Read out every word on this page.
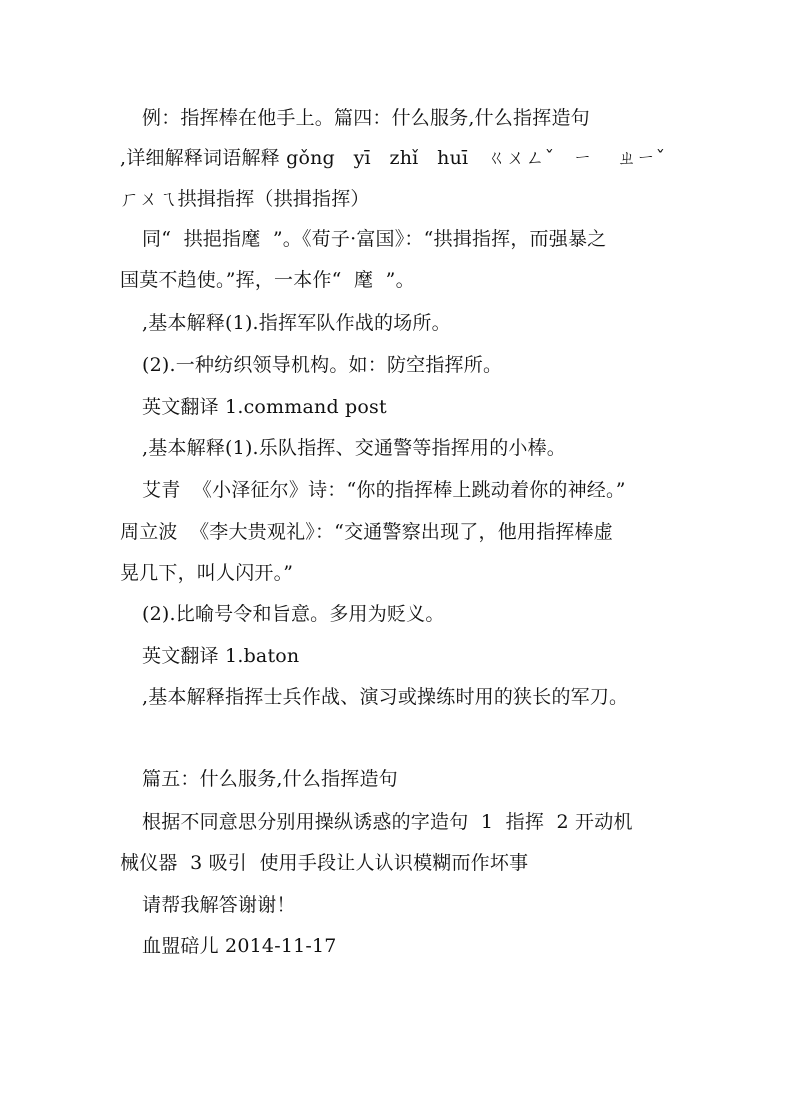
例：指挥棒在他手上。篇四：什么服务,什么指挥造句
,详细解释词语解释 gǒng   yī   zhǐ   huī   ㄍㄨㄥˇ   ㄧ    ㄓㄧˇ
ㄏㄨㄟ拱揖指挥（拱揖指挥）
同“  拱挹指麾  ”。《荀子·富国》：“拱揖指挥，而强暴之
国莫不趋使。”挥，一本作“  麾  ”。
,基本解释(1).指挥军队作战的场所。
(2).一种纺织领导机构。如：防空指挥所。
英文翻译 1.command post
,基本解释(1).乐队指挥、交通警等指挥用的小棒。
艾青  《小泽征尔》诗：“你的指挥棒上跳动着你的神经。”
周立波  《李大贵观礼》：“交通警察出现了，他用指挥棒虚
晃几下，叫人闪开。”
(2).比喻号令和旨意。多用为贬义。
英文翻译 1.baton
,基本解释指挥士兵作战、演习或操练时用的狭长的军刀。
篇五：什么服务,什么指挥造句
根据不同意思分别用操纵诱惑的字造句  1  指挥  2 开动机
械仪器  3 吸引  使用手段让人认识模糊而作坏事
请帮我解答谢谢！
血盟碚儿 2014-11-17
